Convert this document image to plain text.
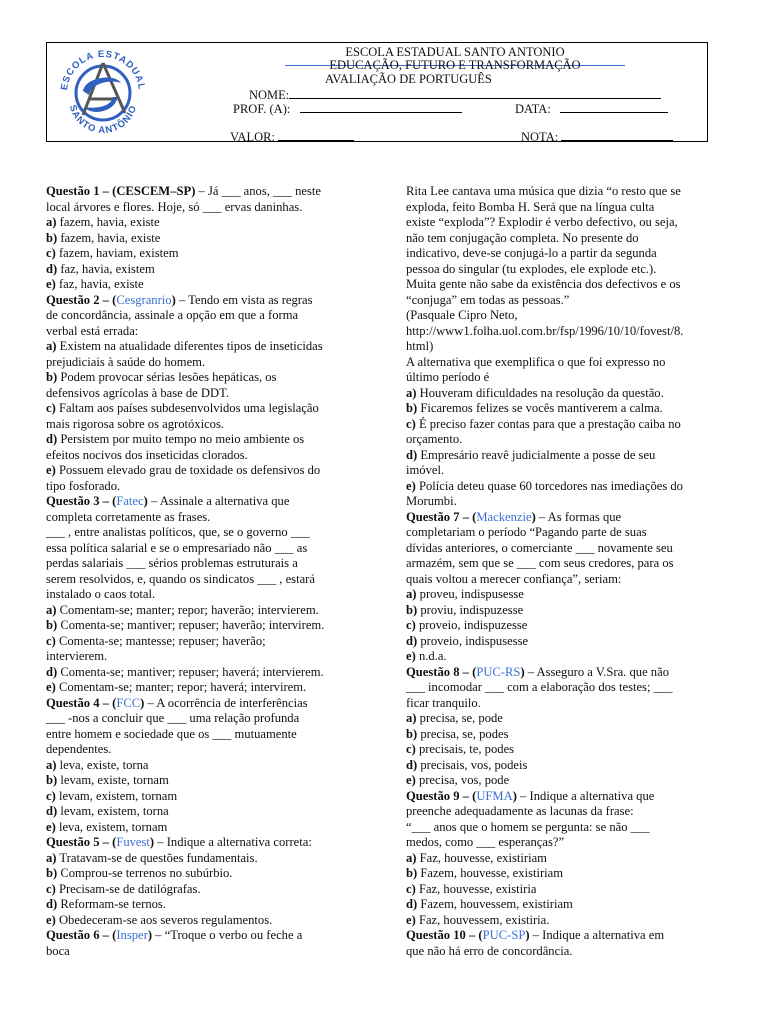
ESCOLA ESTADUAL
SANTO ANTÔNIO
ESCOLA ESTADUAL SANTO ANTONIO
EDUCAÇÃO, FUTURO E TRANSFORMAÇÃO
AVALIAÇÃO DE PORTUGUÊS
NOME:
PROF. (A):	DATA:
VALOR:	NOTA:

Questão 1 – (CESCEM–SP) – Já ___ anos, ___ neste

local árvores e flores. Hoje, só ___ ervas daninhas.

a) fazem, havia, existe

b) fazem, havia, existe

c) fazem, haviam, existem

d) faz, havia, existem

e) faz, havia, existe

Questão 2 – (Cesgranrio) – Tendo em vista as regras

de concordância, assinale a opção em que a forma

verbal está errada:

a) Existem na atualidade diferentes tipos de inseticidas

prejudiciais à saúde do homem.

b) Podem provocar sérias lesões hepáticas, os

defensivos agrícolas à base de DDT.

c) Faltam aos países subdesenvolvidos uma legislação

mais rigorosa sobre os agrotóxicos.

d) Persistem por muito tempo no meio ambiente os

efeitos nocivos dos inseticidas clorados.

e) Possuem elevado grau de toxidade os defensivos do

tipo fosforado.

Questão 3 – (Fatec) – Assinale a alternativa que

completa corretamente as frases.

___ , entre analistas políticos, que, se o governo ___

essa política salarial e se o empresariado não ___ as

perdas salariais ___ sérios problemas estruturais a

serem resolvidos, e, quando os sindicatos ___ , estará

instalado o caos total.

a) Comentam-se; manter; repor; haverão; intervierem.

b) Comenta-se; mantiver; repuser; haverão; intervirem.

c) Comenta-se; mantesse; repuser; haverão;

intervierem.

d) Comenta-se; mantiver; repuser; haverá; intervierem.

e) Comentam-se; manter; repor; haverá; intervirem.

Questão 4 – (FCC) – A ocorrência de interferências

___ -nos a concluir que ___ uma relação profunda

entre homem e sociedade que os ___ mutuamente

dependentes.

a) leva, existe, torna

b) levam, existe, tornam

c) levam, existem, tornam

d) levam, existem, torna

e) leva, existem, tornam

Questão 5 – (Fuvest) – Indique a alternativa correta:

a) Tratavam-se de questões fundamentais.

b) Comprou-se terrenos no subúrbio.

c) Precisam-se de datilógrafas.

d) Reformam-se ternos.

e) Obedeceram-se aos severos regulamentos.

Questão 6 – (Insper) – “Troque o verbo ou feche a

boca

Rita Lee cantava uma música que dizia “o resto que se

exploda, feito Bomba H. Será que na língua culta

existe “exploda”? Explodir é verbo defectivo, ou seja,

não tem conjugação completa. No presente do

indicativo, deve-se conjugá-lo a partir da segunda

pessoa do singular (tu explodes, ele explode etc.).

Muita gente não sabe da existência dos defectivos e os

“conjuga” em todas as pessoas.”

(Pasquale Cipro Neto,

http://www1.folha.uol.com.br/fsp/1996/10/10/fovest/8.

html)

A alternativa que exemplifica o que foi expresso no

último período é

a) Houveram dificuldades na resolução da questão.

b) Ficaremos felizes se vocês mantiverem a calma.

c) É preciso fazer contas para que a prestação caiba no

orçamento.

d) Empresário reavê judicialmente a posse de seu

imóvel.

e) Polícia deteu quase 60 torcedores nas imediações do

Morumbi.

Questão 7 – (Mackenzie) – As formas que

completariam o período “Pagando parte de suas

dívidas anteriores, o comerciante ___ novamente seu

armazém, sem que se ___ com seus credores, para os

quais voltou a merecer confiança”, seriam:

a) proveu, indispusesse

b) proviu, indispuzesse

c) proveio, indispuzesse

d) proveio, indispusesse

e) n.d.a.

Questão 8 – (PUC-RS) – Asseguro a V.Sra. que não

___ incomodar ___ com a elaboração dos testes; ___

ficar tranquilo.

a) precisa, se, pode

b) precisa, se, podes

c) precisais, te, podes

d) precisais, vos, podeis

e) precisa, vos, pode

Questão 9 – (UFMA) – Indique a alternativa que

preenche adequadamente as lacunas da frase:

“___ anos que o homem se pergunta: se não ___

medos, como ___ esperanças?”

a) Faz, houvesse, existiriam

b) Fazem, houvesse, existiriam

c) Faz, houvesse, existiria

d) Fazem, houvessem, existiriam

e) Faz, houvessem, existiria.

Questão 10 – (PUC-SP) – Indique a alternativa em

que não há erro de concordância.
